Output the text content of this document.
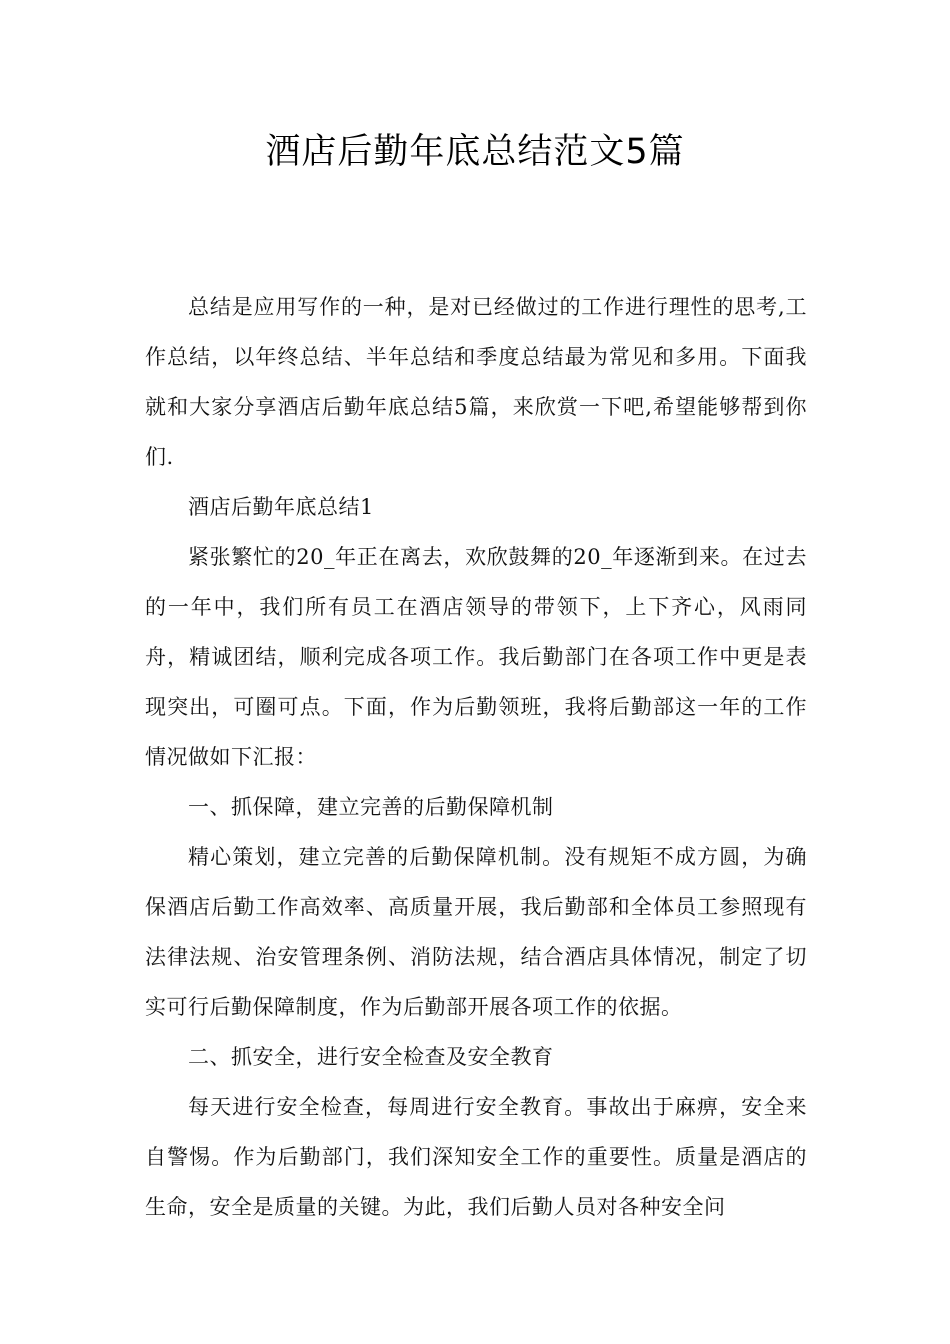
酒店后勤年底总结范文5篇

总结是应用写作的一种，是对已经做过的工作进行理性的思考,工作总结，以年终总结、半年总结和季度总结最为常见和多用。下面我就和大家分享酒店后勤年底总结5篇，来欣赏一下吧,希望能够帮到你们.

酒店后勤年底总结1

紧张繁忙的20_年正在离去，欢欣鼓舞的20_年逐渐到来。在过去的一年中，我们所有员工在酒店领导的带领下，上下齐心，风雨同舟，精诚团结，顺利完成各项工作。我后勤部门在各项工作中更是表现突出，可圈可点。下面，作为后勤领班，我将后勤部这一年的工作情况做如下汇报：

一、抓保障，建立完善的后勤保障机制

精心策划，建立完善的后勤保障机制。没有规矩不成方圆，为确保酒店后勤工作高效率、高质量开展，我后勤部和全体员工参照现有法律法规、治安管理条例、消防法规，结合酒店具体情况，制定了切实可行后勤保障制度，作为后勤部开展各项工作的依据。

二、抓安全，进行安全检查及安全教育

每天进行安全检查，每周进行安全教育。事故出于麻痹，安全来自警惕。作为后勤部门，我们深知安全工作的重要性。质量是酒店的生命，安全是质量的关键。为此，我们后勤人员对各种安全问
